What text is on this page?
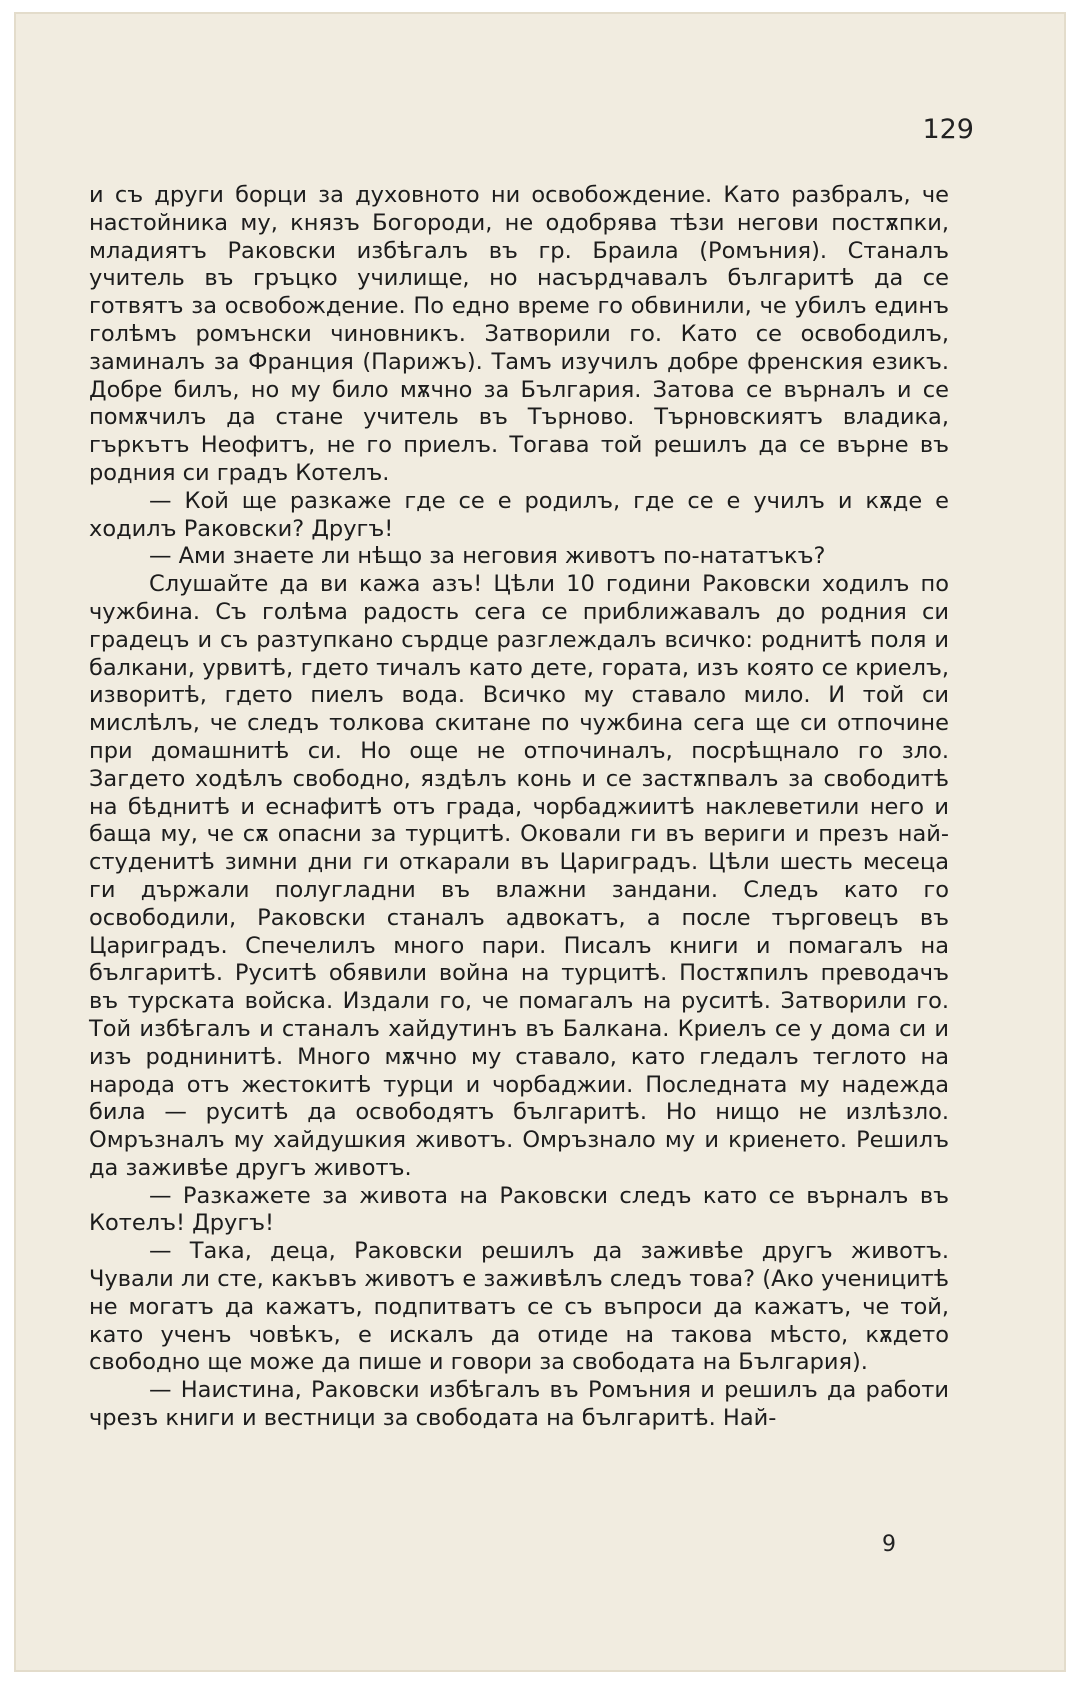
129

и съ други борци за духовното ни освобождение. Като разбралъ, че настойника му, князъ Богороди, не одобрява тѣзи негови постѫпки, младиятъ Раковски избѣгалъ въ гр. Браила (Ромъния). Станалъ учитель въ гръцко училище, но насърдчавалъ българитѣ да се готвятъ за освобождение. По едно време го обвинили, че убилъ единъ голѣмъ ромънски чиновникъ. Затворили го. Като се освободилъ, заминалъ за Франция (Парижъ). Тамъ изучилъ добре френския езикъ. Добре билъ, но му било мѫчно за България. Затова се върналъ и се помѫчилъ да стане учитель въ Търново. Търновскиятъ владика, гъркътъ Неофитъ, не го приелъ. Тогава той решилъ да се върне въ родния си градъ Котелъ.

— Кой ще разкаже где се е родилъ, где се е училъ и кѫде е ходилъ Раковски? Другъ!

— Ами знаете ли нѣщо за неговия животъ по-нататъкъ?

Слушайте да ви кажа азъ! Цѣли 10 години Раковски ходилъ по чужбина. Съ голѣма радость сега се приближавалъ до родния си градецъ и съ разтупкано сърдце разглеждалъ всичко: роднитѣ поля и балкани, урвитѣ, гдето тичалъ като дете, гората, изъ която се криелъ, изворитѣ, гдето пиелъ вода. Всичко му ставало мило. И той си мислѣлъ, че следъ толкова скитане по чужбина сега ще си отпочине при домашнитѣ си. Но още не отпочиналъ, посрѣщнало го зло. Загдето ходѣлъ свободно, яздѣлъ конь и се застѫпвалъ за свободитѣ на бѣднитѣ и еснафитѣ отъ града, чорбаджиитѣ наклеветили него и баща му, че сѫ опасни за турцитѣ. Оковали ги въ вериги и презъ най-студенитѣ зимни дни ги откарали въ Цариградъ. Цѣли шесть месеца ги държали полугладни въ влажни зандани. Следъ като го освободили, Раковски станалъ адвокатъ, а после търговецъ въ Цариградъ. Спечелилъ много пари. Писалъ книги и помагалъ на българитѣ. Руситѣ обявили война на турцитѣ. Постѫпилъ преводачъ въ турската войска. Издали го, че помагалъ на руситѣ. Затворили го. Той избѣгалъ и станалъ хайдутинъ въ Балкана. Криелъ се у дома си и изъ роднинитѣ. Много мѫчно му ставало, като гледалъ теглото на народа отъ жестокитѣ турци и чорбаджии. Последната му надежда била — руситѣ да освободятъ българитѣ. Но нищо не излѣзло. Омръзналъ му хайдушкия животъ. Омръзнало му и криенето. Решилъ да заживѣе другъ животъ.

— Разкажете за живота на Раковски следъ като се върналъ въ Котелъ! Другъ!

— Така, деца, Раковски решилъ да заживѣе другъ животъ. Чували ли сте, какъвъ животъ е заживѣлъ следъ това? (Ако ученицитѣ не могатъ да кажатъ, подпитватъ се съ въпроси да кажатъ, че той, като ученъ човѣкъ, е искалъ да отиде на такова мѣсто, кѫдето свободно ще може да пише и говори за свободата на България).

— Наистина, Раковски избѣгалъ въ Ромъния и решилъ да работи чрезъ книги и вестници за свободата на българитѣ. Най-

9
